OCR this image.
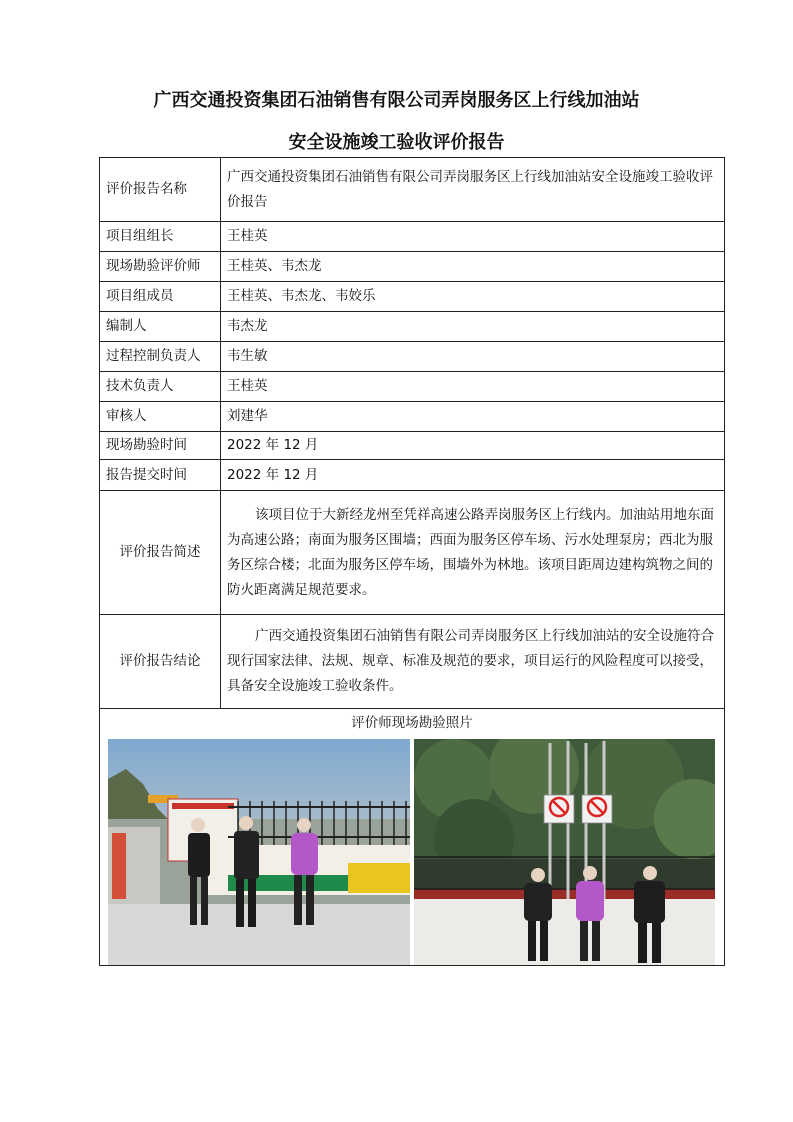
广西交通投资集团石油销售有限公司弄岗服务区上行线加油站
安全设施竣工验收评价报告
评价报告名称	广西交通投资集团石油销售有限公司弄岗服务区上行线加油站安全设施竣工验收评价报告
项目组组长	王桂英
现场勘验评价师	王桂英、韦杰龙
项目组成员	王桂英、韦杰龙、韦姣乐
编制人	韦杰龙
过程控制负责人	韦生敏
技术负责人	王桂英
审核人	刘建华
现场勘验时间	2022 年 12 月
报告提交时间	2022 年 12 月
评价报告简述	该项目位于大新经龙州至凭祥高速公路弄岗服务区上行线内。加油站用地东面为高速公路；南面为服务区围墙；西面为服务区停车场、污水处理泵房；西北为服务区综合楼；北面为服务区停车场，围墙外为林地。该项目距周边建构筑物之间的防火距离满足规范要求。
评价报告结论	广西交通投资集团石油销售有限公司弄岗服务区上行线加油站的安全设施符合现行国家法律、法规、规章、标准及规范的要求，项目运行的风险程度可以接受，具备安全设施竣工验收条件。

评价师现场勘验照片	
